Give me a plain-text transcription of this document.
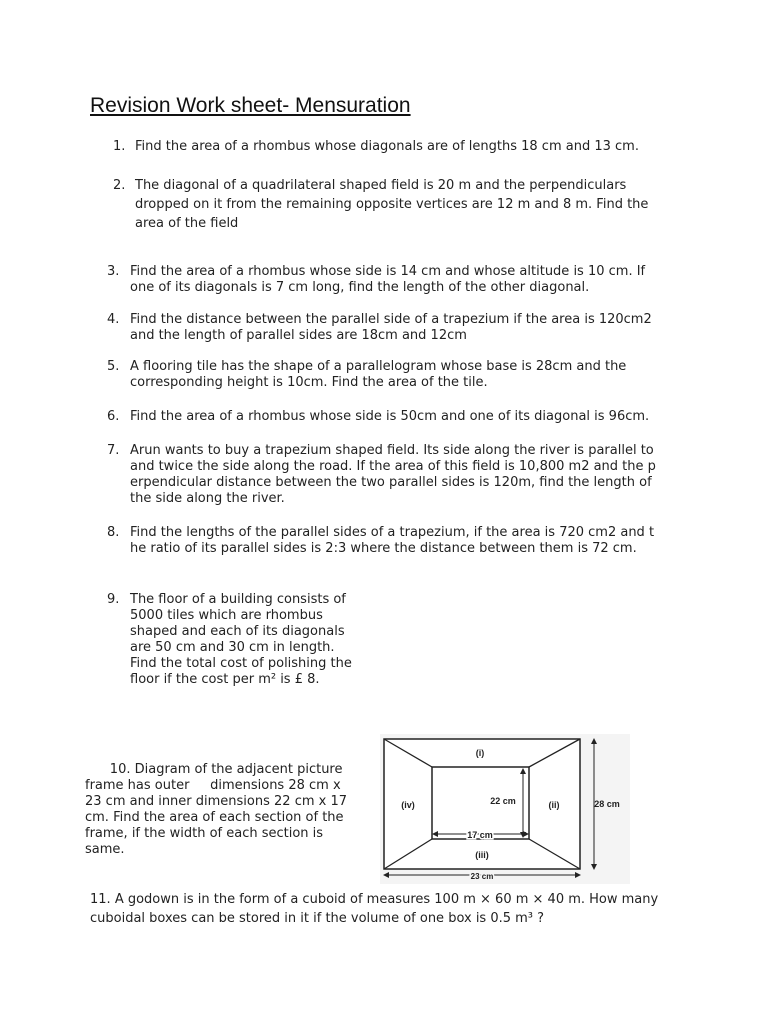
Revision Work sheet- Mensuration
1. Find the area of a rhombus whose diagonals are of lengths 18 cm and 13 cm.
2. The diagonal of a quadrilateral shaped field is 20 m and the perpendiculars
dropped on it from the remaining opposite vertices are 12 m and 8 m. Find the
area of the field
3. Find the area of a rhombus whose side is 14 cm and whose altitude is 10 cm. If
one of its diagonals is 7 cm long, find the length of the other diagonal.
4. Find the distance between the parallel side of a trapezium if the area is 120cm2
and the length of parallel sides are 18cm and 12cm
5. A flooring tile has the shape of a parallelogram whose base is 28cm and the
corresponding height is 10cm. Find the area of the tile.
6. Find the area of a rhombus whose side is 50cm and one of its diagonal is 96cm.
7. Arun wants to buy a trapezium shaped field. Its side along the river is parallel to
and twice the side along the road. If the area of this field is 10,800 m2 and the p
erpendicular distance between the two parallel sides is 120m, find the length of
the side along the river.
8. Find the lengths of the parallel sides of a trapezium, if the area is 720 cm2 and t
he ratio of its parallel sides is 2:3 where the distance between them is 72 cm.
9. The floor of a building consists of
5000 tiles which are rhombus
shaped and each of its diagonals
are 50 cm and 30 cm in length.
Find the total cost of polishing the
floor if the cost per m² is £ 8.
10. Diagram of the adjacent picture
frame has outer     dimensions 28 cm x
23 cm and inner dimensions 22 cm x 17
cm. Find the area of each section of the
frame, if the width of each section is
same.
(i)
(ii)
(iii)
(iv)	22 cm
17 cm
28 cm
23 cm
11. A godown is in the form of a cuboid of measures 100 m × 60 m × 40 m. How many
cuboidal boxes can be stored in it if the volume of one box is 0.5 m³ ?
